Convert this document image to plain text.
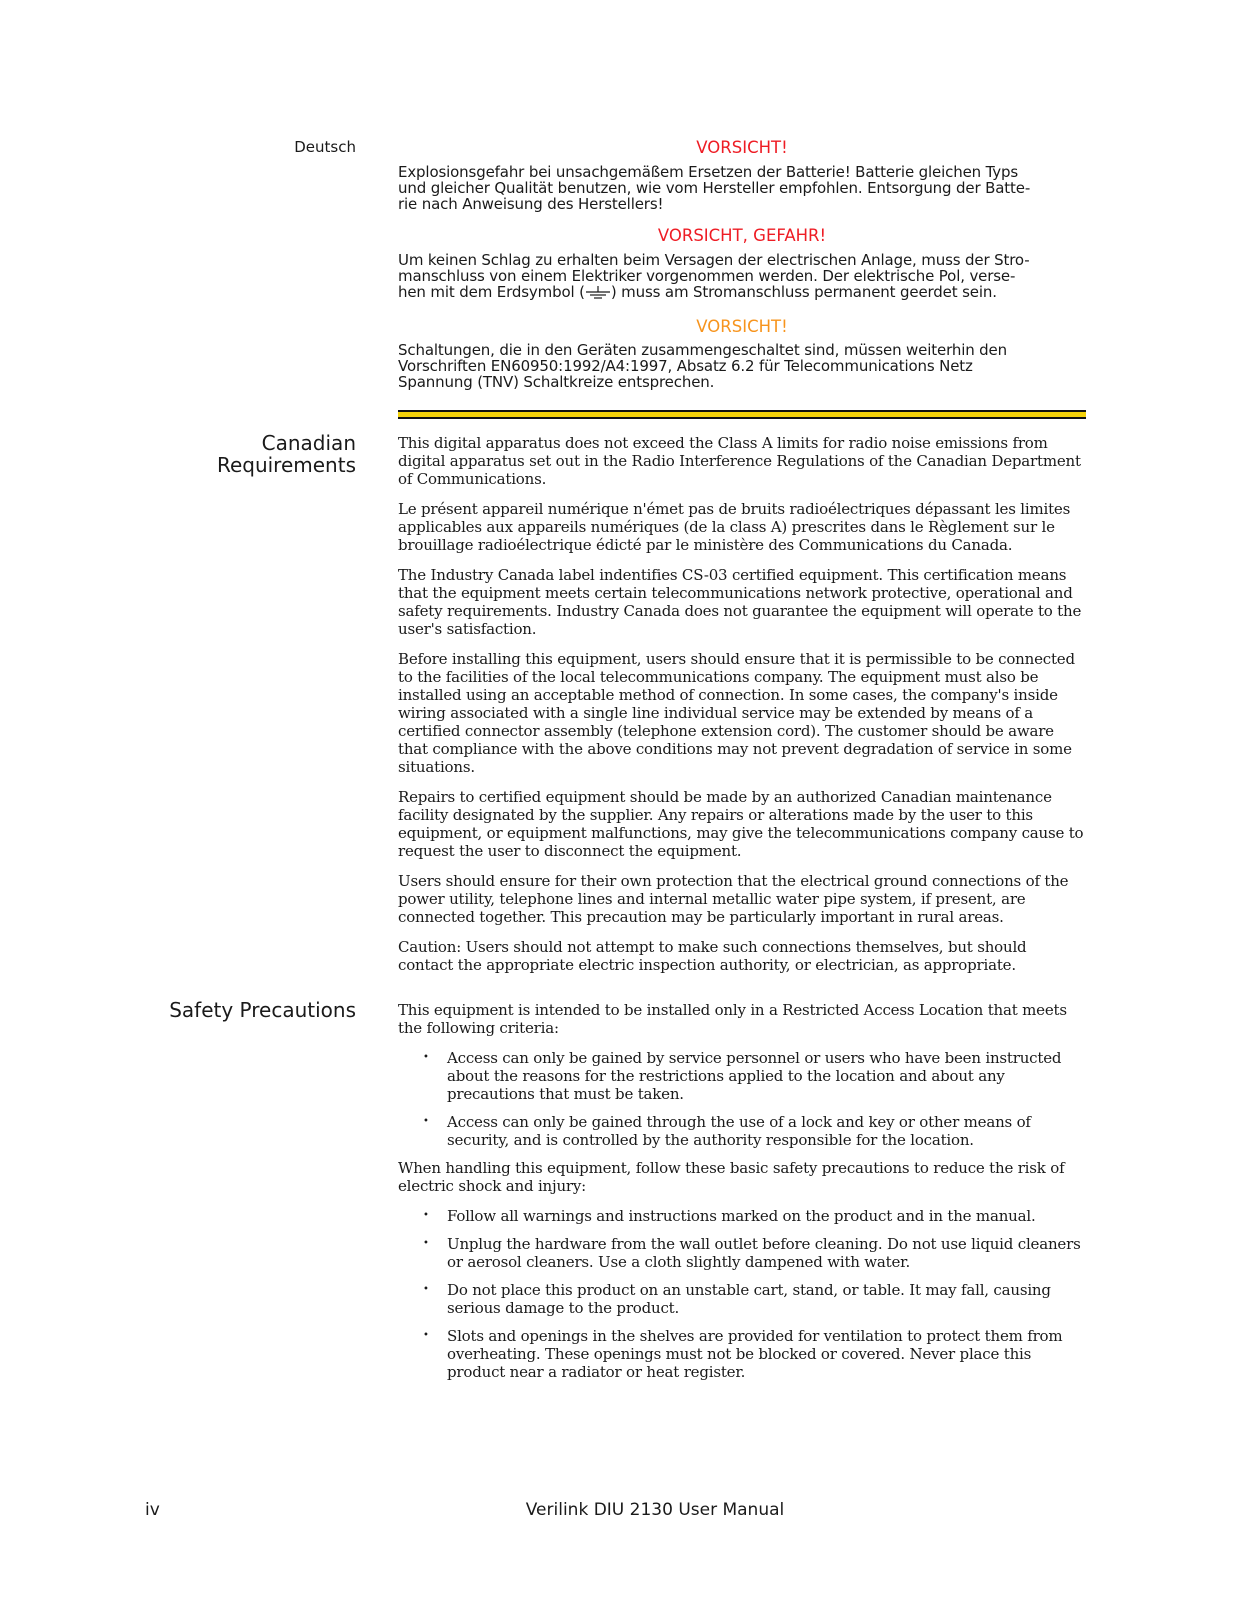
Deutsch	VORSICHT!

Explosionsgefahr bei unsachgemäßem Ersetzen der Batterie! Batterie gleichen Typs

und gleicher Qualität benutzen, wie vom Hersteller empfohlen. Entsorgung der Batte-

rie nach Anweisung des Herstellers!

VORSICHT, GEFAHR!

Um keinen Schlag zu erhalten beim Versagen der electrischen Anlage, muss der Stro-

manschluss von einem Elektriker vorgenommen werden. Der elektrische Pol, verse-

hen mit dem Erdsymbol ( ) muss am Stromanschluss permanent geerdet sein.

VORSICHT!

Schaltungen, die in den Geräten zusammengeschaltet sind, müssen weiterhin den

Vorschriften EN60950:1992/A4:1997, Absatz 6.2 für Telecommunications Netz

Spannung (TNV) Schaltkreize entsprechen.

Canadian
Requirements

This digital apparatus does not exceed the Class A limits for radio noise emissions from digital apparatus set out in the Radio Interference Regulations of the Canadian Department of Communications.

Le présent appareil numérique n'émet pas de bruits radioélectriques dépassant les limites applicables aux appareils numériques (de la class A) prescrites dans le Règlement sur le brouillage radioélectrique édicté par le ministère des Communications du Canada.

The Industry Canada label indentifies CS-03 certified equipment. This certification means that the equipment meets certain telecommunications network protective, operational and safety requirements. Industry Canada does not guarantee the equipment will operate to the user's satisfaction.

Before installing this equipment, users should ensure that it is permissible to be connected to the facilities of the local telecommunications company. The equipment must also be installed using an acceptable method of connection. In some cases, the company's inside wiring associated with a single line individual service may be extended by means of a certified connector assembly (telephone extension cord). The customer should be aware that compliance with the above conditions may not prevent degradation of service in some situations.

Repairs to certified equipment should be made by an authorized Canadian maintenance facility designated by the supplier. Any repairs or alterations made by the user to this equipment, or equipment malfunctions, may give the telecommunications company cause to request the user to disconnect the equipment.

Users should ensure for their own protection that the electrical ground connections of the power utility, telephone lines and internal metallic water pipe system, if present, are connected together. This precaution may be particularly important in rural areas.

Caution: Users should not attempt to make such connections themselves, but should contact the appropriate electric inspection authority, or electrician, as appropriate.

Safety Precautions	This equipment is intended to be installed only in a Restricted Access Location that meets the following criteria:

• Access can only be gained by service personnel or users who have been instructed about the reasons for the restrictions applied to the location and about any precautions that must be taken.
• Access can only be gained through the use of a lock and key or other means of security, and is controlled by the authority responsible for the location.

When handling this equipment, follow these basic safety precautions to reduce the risk of electric shock and injury:

• Follow all warnings and instructions marked on the product and in the manual.
• Unplug the hardware from the wall outlet before cleaning. Do not use liquid cleaners or aerosol cleaners. Use a cloth slightly dampened with water.
• Do not place this product on an unstable cart, stand, or table. It may fall, causing serious damage to the product.
• Slots and openings in the shelves are provided for ventilation to protect them from overheating. These openings must not be blocked or covered. Never place this product near a radiator or heat register.
iv	Verilink DIU 2130 User Manual
